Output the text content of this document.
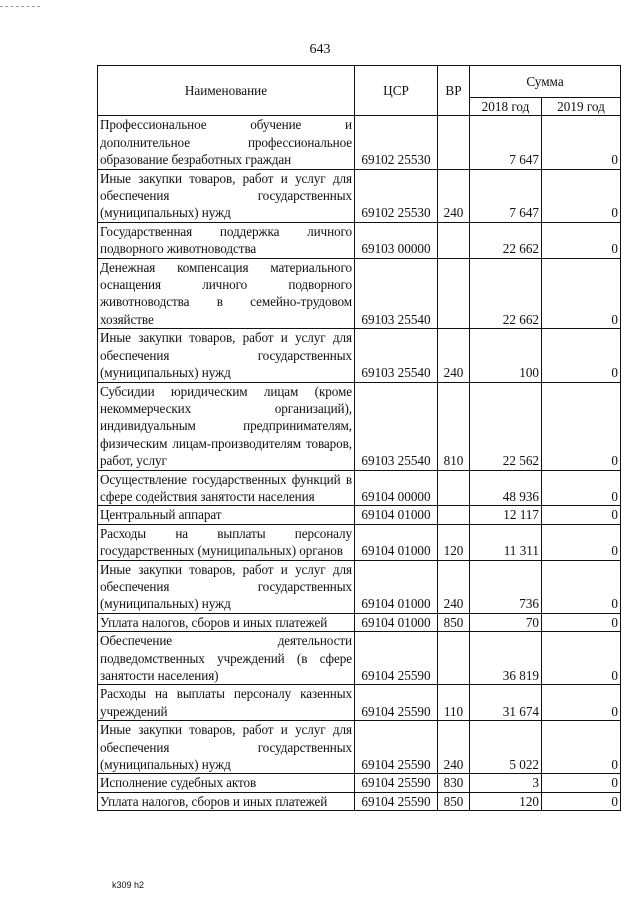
643
Наименование	ЦСР	ВР	Сумма	
			2018 год	2019 год
Профессиональное обучение и дополнительное профессиональное образование безработных граждан	69102 25530		7 647	0
Иные закупки товаров, работ и услуг для обеспечения государственных (муниципальных) нужд	69102 25530	240	7 647	0
Государственная поддержка личного подворного животноводства	69103 00000		22 662	0
Денежная компенсация материального оснащения личного подворного животноводства в семейно-трудовом хозяйстве	69103 25540		22 662	0
Иные закупки товаров, работ и услуг для обеспечения государственных (муниципальных) нужд	69103 25540	240	100	0
Субсидии юридическим лицам (кроме некоммерческих организаций), индивидуальным предпринимателям, физическим лицам-производителям товаров, работ, услуг	69103 25540	810	22 562	0
Осуществление государственных функций в сфере содействия занятости населения	69104 00000		48 936	0
Центральный аппарат	69104 01000		12 117	0
Расходы на выплаты персоналу государственных (муниципальных) органов	69104 01000	120	11 311	0
Иные закупки товаров, работ и услуг для обеспечения государственных (муниципальных) нужд	69104 01000	240	736	0
Уплата налогов, сборов и иных платежей	69104 01000	850	70	0
Обеспечение деятельности подведомственных учреждений (в сфере занятости населения)	69104 25590		36 819	0
Расходы на выплаты персоналу казенных учреждений	69104 25590	110	31 674	0
Иные закупки товаров, работ и услуг для обеспечения государственных (муниципальных) нужд	69104 25590	240	5 022	0
Исполнение судебных актов	69104 25590	830	3	0
Уплата налогов, сборов и иных платежей	69104 25590	850	120	0
k309 h2
